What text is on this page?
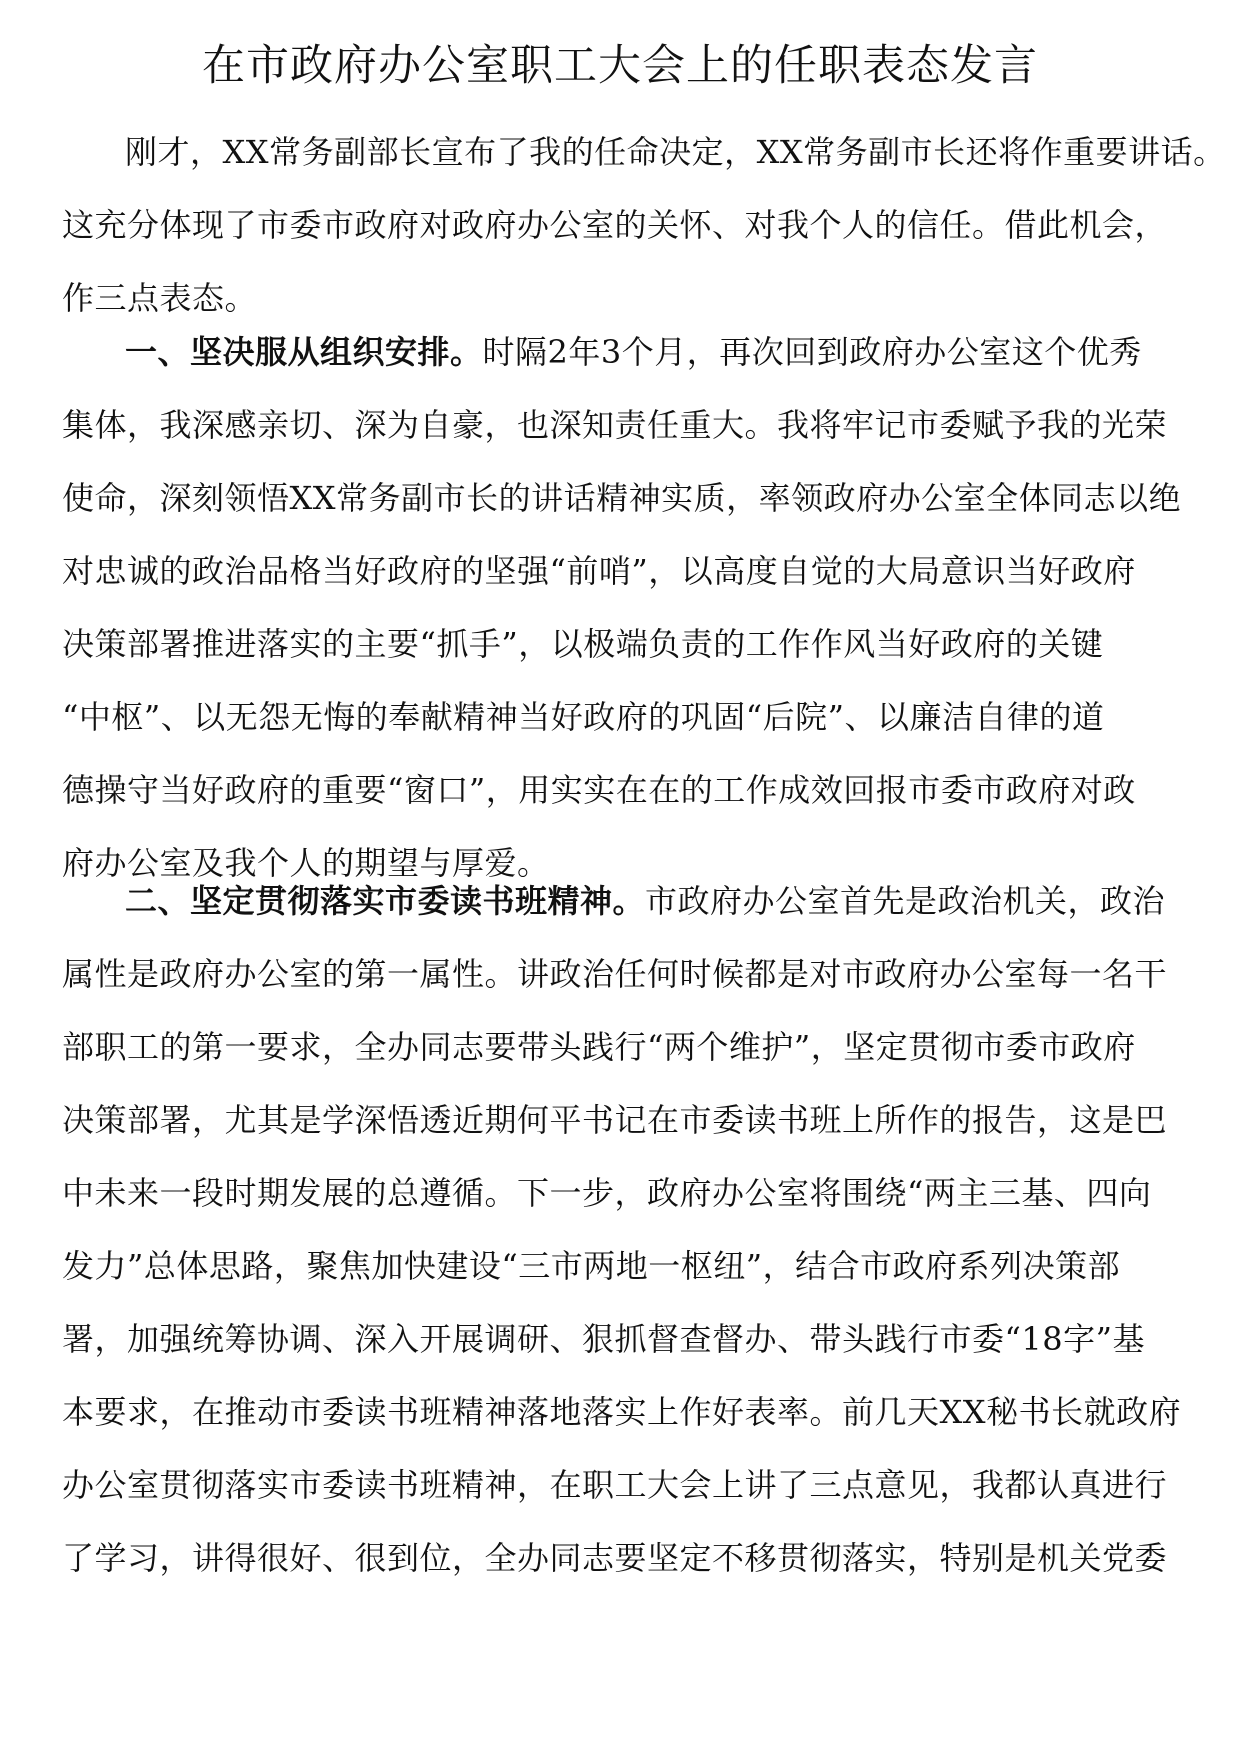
在市政府办公室职工大会上的任职表态发言

刚才，XX常务副部长宣布了我的任命决定，XX常务副市长还将作重要讲话。
这充分体现了市委市政府对政府办公室的关怀、对我个人的信任。借此机会，
作三点表态。

一、坚决服从组织安排。时隔2年3个月，再次回到政府办公室这个优秀
集体，我深感亲切、深为自豪，也深知责任重大。我将牢记市委赋予我的光荣
使命，深刻领悟XX常务副市长的讲话精神实质，率领政府办公室全体同志以绝
对忠诚的政治品格当好政府的坚强“前哨”，以高度自觉的大局意识当好政府
决策部署推进落实的主要“抓手”，以极端负责的工作作风当好政府的关键
“中枢”、以无怨无悔的奉献精神当好政府的巩固“后院”、以廉洁自律的道
德操守当好政府的重要“窗口”，用实实在在的工作成效回报市委市政府对政
府办公室及我个人的期望与厚爱。

二、坚定贯彻落实市委读书班精神。市政府办公室首先是政治机关，政治
属性是政府办公室的第一属性。讲政治任何时候都是对市政府办公室每一名干
部职工的第一要求，全办同志要带头践行“两个维护”，坚定贯彻市委市政府
决策部署，尤其是学深悟透近期何平书记在市委读书班上所作的报告，这是巴
中未来一段时期发展的总遵循。下一步，政府办公室将围绕“两主三基、四向
发力”总体思路，聚焦加快建设“三市两地一枢纽”，结合市政府系列决策部
署，加强统筹协调、深入开展调研、狠抓督查督办、带头践行市委“18字”基
本要求，在推动市委读书班精神落地落实上作好表率。前几天XX秘书长就政府
办公室贯彻落实市委读书班精神，在职工大会上讲了三点意见，我都认真进行
了学习，讲得很好、很到位，全办同志要坚定不移贯彻落实，特别是机关党委
